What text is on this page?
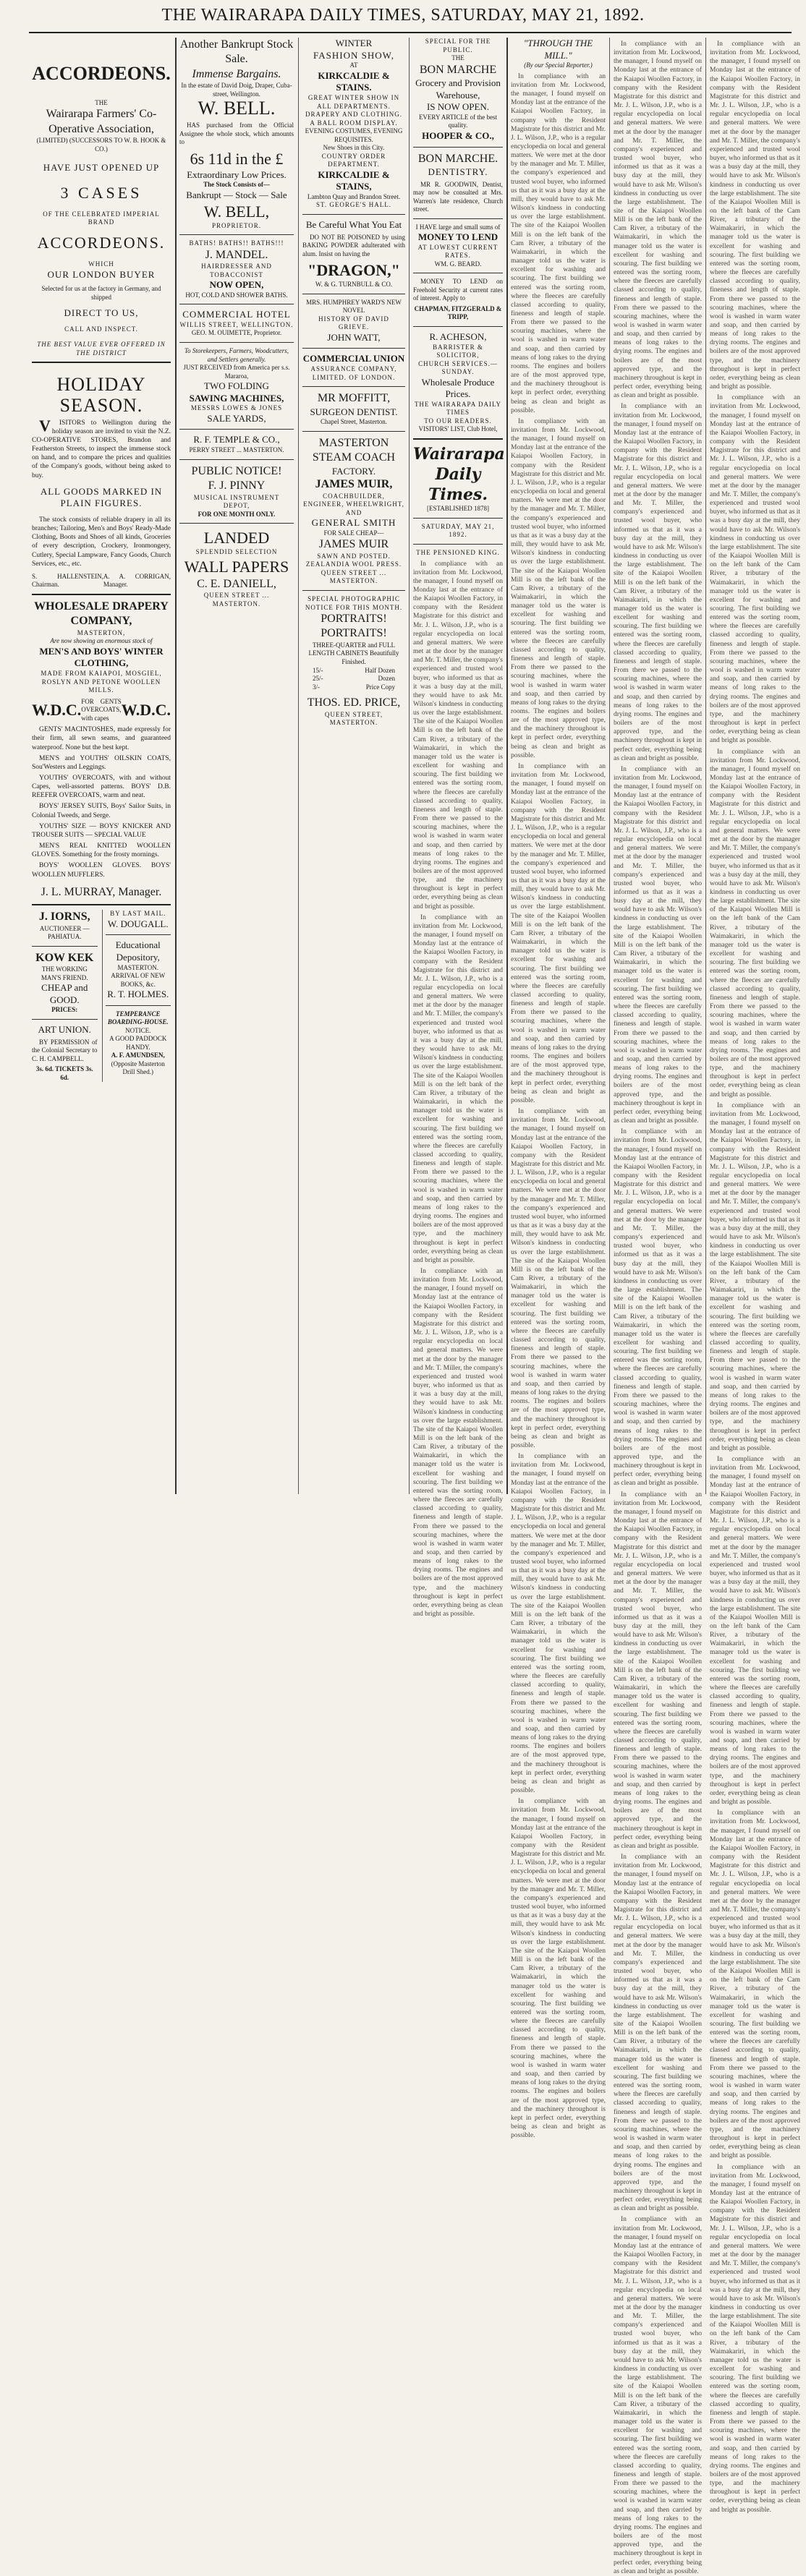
THE WAIRARAPA DAILY TIMES, SATURDAY, MAY 21, 1892.
ACCORDEONS.
THE
Wairarapa Farmers' Co-Operative Association,
(LIMITED) (SUCCESSORS TO W. B. HOOK & CO.)
HAVE JUST OPENED UP
3 CASES
OF THE CELEBRATED IMPERIAL BRAND
ACCORDEONS.
WHICH
OUR LONDON BUYER
Selected for us at the factory in Germany, and shipped
DIRECT TO US,
CALL AND INSPECT.
THE BEST VALUE EVER OFFERED IN THE DISTRICT
HOLIDAY SEASON.

VISITORS to Wellington during the holiday season are invited to visit the N.Z. CO-OPERATIVE STORES, Brandon and Featherston Streets, to inspect the immense stock on hand, and to compare the prices and qualities of the Company's goods, without being asked to buy.

ALL GOODS MARKED IN PLAIN FIGURES.

The stock consists of reliable drapery in all its branches; Tailoring, Men's and Boys' Ready-Made Clothing, Boots and Shoes of all kinds, Groceries of every description, Crockery, Ironmongery, Cutlery, Special Lampware, Fancy Goods, Church Services, etc., etc.

S. HALLENSTEIN, Chairman.
A. A. CORRIGAN, Manager.
WHOLESALE DRAPERY COMPANY,
MASTERTON,
Are now showing an enormous stock of
MEN'S AND BOYS' WINTER CLOTHING,
MADE FROM KAIAPOI, MOSGIEL, ROSLYN AND PETONE WOOLLEN MILLS.
W.D.C. FOR GENTS OVERCOATS, with capes W.D.C.

GENTS' MACINTOSHES, made expressly for their firm, all sewn seams, and guaranteed waterproof. None but the best kept.

MEN'S and YOUTHS' OILSKIN COATS, Sou'Westers and Leggings.

YOUTHS' OVERCOATS, with and without Capes, well-assorted patterns. BOYS' D.B. REEFER OVERCOATS, warm and neat.

BOYS' JERSEY SUITS, Boys' Sailor Suits, in Colonial Tweeds, and Serge.

YOUTHS' SIZE — BOYS' KNICKER AND TROUSER SUITS — SPECIAL VALUE

MEN'S REAL KNITTED WOOLLEN GLOVES. Something for the frosty mornings.

BOYS' WOOLLEN GLOVES. BOYS' WOOLLEN MUFFLERS.

J. L. MURRAY, Manager.
J. IORNS,
AUCTIONEER — PAHIATUA.
KOW KEK
THE WORKING MAN'S FRIEND.
CHEAP and GOOD.
PRICES:
ART UNION.

BY PERMISSION of the Colonial Secretary to C. H. CAMPBELL.

3s. 6d. TICKETS 3s. 6d.
BY LAST MAIL.
W. DOUGALL.
Educational Depository,
MASTERTON.
ARRIVAL OF NEW BOOKS, &c.
R. T. HOLMES.
TEMPERANCE BOARDING-HOUSE.
NOTICE.
A GOOD PADDOCK HANDY.
A. F. AMUNDSEN,
(Opposite Masterton Drill Shed.)
Another Bankrupt Stock Sale.
Immense Bargains.
In the estate of David Doig, Draper, Cuba-street, Wellington.
W. BELL.

HAS purchased from the Official Assignee the whole stock, which amounts to

6s 11d in the £
Extraordinary Low Prices.
The Stock Consists of—
Bankrupt — Stock — Sale
W. BELL,
PROPRIETOR.
BATHS! BATHS!! BATHS!!!
J. MANDEL.
HAIRDRESSER AND TOBACCONIST
NOW OPEN,
HOT, COLD AND SHOWER BATHS.
COMMERCIAL HOTEL
WILLIS STREET, WELLINGTON.
GEO. M. OUIMETTE, Proprietor.
To Storekeepers, Farmers, Woodcutters, and Settlers generally.
JUST RECEIVED from America per s.s. Mararoa,
TWO FOLDING
SAWING MACHINES,
MESSRS LOWES & JONES
SALE YARDS,
R. F. TEMPLE & CO.,
PERRY STREET ... MASTERTON.
PUBLIC NOTICE!
F. J. PINNY
MUSICAL INSTRUMENT DEPOT,
FOR ONE MONTH ONLY.
LANDED
SPLENDID SELECTION
WALL PAPERS
C. E. DANIELL,
QUEEN STREET ... MASTERTON.
WINTER
FASHION SHOW,
AT
KIRKCALDIE & STAINS.
GREAT WINTER SHOW IN ALL DEPARTMENTS.
DRAPERY AND CLOTHING.
A BALL ROOM DISPLAY.
EVENING COSTUMES, EVENING REQUISITES.
New Shoes in this City.
COUNTRY ORDER DEPARTMENT.
KIRKCALDIE & STAINS,
Lambton Quay and Brandon Street.
ST. GEORGE'S HALL.
Be Careful What You Eat

DO NOT BE POISONED by using BAKING POWDER adulterated with alum. Insist on having the

"DRAGON,"
W. & G. TURNBULL & CO.
MRS. HUMPHREY WARD'S NEW NOVEL
HISTORY OF DAVID GRIEVE.
JOHN WATT,
COMMERCIAL UNION
ASSURANCE COMPANY, LIMITED. OF LONDON.
MR MOFFITT,
SURGEON DENTIST.
Chapel Street, Masterton.
MASTERTON
STEAM COACH
FACTORY.
JAMES MUIR,
COACHBUILDER, ENGINEER, WHEELWRIGHT, AND
GENERAL SMITH
FOR SALE CHEAP—
JAMES MUIR
SAWN AND POSTED.
ZEALANDIA WOOL PRESS.
QUEEN STREET ... MASTERTON.
SPECIAL PHOTOGRAPHIC NOTICE FOR THIS MONTH.
PORTRAITS!
PORTRAITS!
THREE-QUARTER and FULL LENGTH CABINETS Beautifully Finished.
15/-	Half Dozen
25/-	Dozen
3/-	Price Copy
THOS. ED. PRICE,
QUEEN STREET, MASTERTON.
SPECIAL FOR THE PUBLIC.
THE
BON MARCHE
Grocery and Provision Warehouse,
IS NOW OPEN.
EVERY ARTICLE of the best quality.
HOOPER & CO.,
BON MARCHE.
DENTISTRY.

MR R. GOODWIN, Dentist, may now be consulted at Mrs. Warren's late residence, Church street.

I HAVE large and small sums of
MONEY TO LEND
AT LOWEST CURRENT RATES.
WM. G. BEARD.

MONEY TO LEND on Freehold Security at current rates of interest. Apply to

CHAPMAN, FITZGERALD & TRIPP,
R. ACHESON,
BARRISTER & SOLICITOR,
CHURCH SERVICES.—SUNDAY.
Wholesale Produce Prices.
THE WAIRARAPA DAILY TIMES
TO OUR READERS.
VISITORS' LIST, Club Hotel,
Wairarapa Daily Times.
[ESTABLISHED 1878]
SATURDAY, MAY 21, 1892.
THE PENSIONED KING.

In compliance with an invitation from Mr. Lockwood, the manager, I found myself on Monday last at the entrance of the Kaiapoi Woollen Factory, in company with the Resident Magistrate for this district and Mr. J. L. Wilson, J.P., who is a regular encyclopedia on local and general matters. We were met at the door by the manager and Mr. T. Miller, the company's experienced and trusted wool buyer, who informed us that as it was a busy day at the mill, they would have to ask Mr. Wilson's kindness in conducting us over the large establishment. The site of the Kaiapoi Woollen Mill is on the left bank of the Cam River, a tributary of the Waimakariri, in which the manager told us the water is excellent for washing and scouring. The first building we entered was the sorting room, where the fleeces are carefully classed according to quality, fineness and length of staple. From there we passed to the scouring machines, where the wool is washed in warm water and soap, and then carried by means of long rakes to the drying rooms. The engines and boilers are of the most approved type, and the machinery throughout is kept in perfect order, everything being as clean and bright as possible.

In compliance with an invitation from Mr. Lockwood, the manager, I found myself on Monday last at the entrance of the Kaiapoi Woollen Factory, in company with the Resident Magistrate for this district and Mr. J. L. Wilson, J.P., who is a regular encyclopedia on local and general matters. We were met at the door by the manager and Mr. T. Miller, the company's experienced and trusted wool buyer, who informed us that as it was a busy day at the mill, they would have to ask Mr. Wilson's kindness in conducting us over the large establishment. The site of the Kaiapoi Woollen Mill is on the left bank of the Cam River, a tributary of the Waimakariri, in which the manager told us the water is excellent for washing and scouring. The first building we entered was the sorting room, where the fleeces are carefully classed according to quality, fineness and length of staple. From there we passed to the scouring machines, where the wool is washed in warm water and soap, and then carried by means of long rakes to the drying rooms. The engines and boilers are of the most approved type, and the machinery throughout is kept in perfect order, everything being as clean and bright as possible.

In compliance with an invitation from Mr. Lockwood, the manager, I found myself on Monday last at the entrance of the Kaiapoi Woollen Factory, in company with the Resident Magistrate for this district and Mr. J. L. Wilson, J.P., who is a regular encyclopedia on local and general matters. We were met at the door by the manager and Mr. T. Miller, the company's experienced and trusted wool buyer, who informed us that as it was a busy day at the mill, they would have to ask Mr. Wilson's kindness in conducting us over the large establishment. The site of the Kaiapoi Woollen Mill is on the left bank of the Cam River, a tributary of the Waimakariri, in which the manager told us the water is excellent for washing and scouring. The first building we entered was the sorting room, where the fleeces are carefully classed according to quality, fineness and length of staple. From there we passed to the scouring machines, where the wool is washed in warm water and soap, and then carried by means of long rakes to the drying rooms. The engines and boilers are of the most approved type, and the machinery throughout is kept in perfect order, everything being as clean and bright as possible.

"THROUGH THE MILL."
(By our Special Reporter.)

In compliance with an invitation from Mr. Lockwood, the manager, I found myself on Monday last at the entrance of the Kaiapoi Woollen Factory, in company with the Resident Magistrate for this district and Mr. J. L. Wilson, J.P., who is a regular encyclopedia on local and general matters. We were met at the door by the manager and Mr. T. Miller, the company's experienced and trusted wool buyer, who informed us that as it was a busy day at the mill, they would have to ask Mr. Wilson's kindness in conducting us over the large establishment. The site of the Kaiapoi Woollen Mill is on the left bank of the Cam River, a tributary of the Waimakariri, in which the manager told us the water is excellent for washing and scouring. The first building we entered was the sorting room, where the fleeces are carefully classed according to quality, fineness and length of staple. From there we passed to the scouring machines, where the wool is washed in warm water and soap, and then carried by means of long rakes to the drying rooms. The engines and boilers are of the most approved type, and the machinery throughout is kept in perfect order, everything being as clean and bright as possible.

In compliance with an invitation from Mr. Lockwood, the manager, I found myself on Monday last at the entrance of the Kaiapoi Woollen Factory, in company with the Resident Magistrate for this district and Mr. J. L. Wilson, J.P., who is a regular encyclopedia on local and general matters. We were met at the door by the manager and Mr. T. Miller, the company's experienced and trusted wool buyer, who informed us that as it was a busy day at the mill, they would have to ask Mr. Wilson's kindness in conducting us over the large establishment. The site of the Kaiapoi Woollen Mill is on the left bank of the Cam River, a tributary of the Waimakariri, in which the manager told us the water is excellent for washing and scouring. The first building we entered was the sorting room, where the fleeces are carefully classed according to quality, fineness and length of staple. From there we passed to the scouring machines, where the wool is washed in warm water and soap, and then carried by means of long rakes to the drying rooms. The engines and boilers are of the most approved type, and the machinery throughout is kept in perfect order, everything being as clean and bright as possible.

In compliance with an invitation from Mr. Lockwood, the manager, I found myself on Monday last at the entrance of the Kaiapoi Woollen Factory, in company with the Resident Magistrate for this district and Mr. J. L. Wilson, J.P., who is a regular encyclopedia on local and general matters. We were met at the door by the manager and Mr. T. Miller, the company's experienced and trusted wool buyer, who informed us that as it was a busy day at the mill, they would have to ask Mr. Wilson's kindness in conducting us over the large establishment. The site of the Kaiapoi Woollen Mill is on the left bank of the Cam River, a tributary of the Waimakariri, in which the manager told us the water is excellent for washing and scouring. The first building we entered was the sorting room, where the fleeces are carefully classed according to quality, fineness and length of staple. From there we passed to the scouring machines, where the wool is washed in warm water and soap, and then carried by means of long rakes to the drying rooms. The engines and boilers are of the most approved type, and the machinery throughout is kept in perfect order, everything being as clean and bright as possible.

In compliance with an invitation from Mr. Lockwood, the manager, I found myself on Monday last at the entrance of the Kaiapoi Woollen Factory, in company with the Resident Magistrate for this district and Mr. J. L. Wilson, J.P., who is a regular encyclopedia on local and general matters. We were met at the door by the manager and Mr. T. Miller, the company's experienced and trusted wool buyer, who informed us that as it was a busy day at the mill, they would have to ask Mr. Wilson's kindness in conducting us over the large establishment. The site of the Kaiapoi Woollen Mill is on the left bank of the Cam River, a tributary of the Waimakariri, in which the manager told us the water is excellent for washing and scouring. The first building we entered was the sorting room, where the fleeces are carefully classed according to quality, fineness and length of staple. From there we passed to the scouring machines, where the wool is washed in warm water and soap, and then carried by means of long rakes to the drying rooms. The engines and boilers are of the most approved type, and the machinery throughout is kept in perfect order, everything being as clean and bright as possible.

In compliance with an invitation from Mr. Lockwood, the manager, I found myself on Monday last at the entrance of the Kaiapoi Woollen Factory, in company with the Resident Magistrate for this district and Mr. J. L. Wilson, J.P., who is a regular encyclopedia on local and general matters. We were met at the door by the manager and Mr. T. Miller, the company's experienced and trusted wool buyer, who informed us that as it was a busy day at the mill, they would have to ask Mr. Wilson's kindness in conducting us over the large establishment. The site of the Kaiapoi Woollen Mill is on the left bank of the Cam River, a tributary of the Waimakariri, in which the manager told us the water is excellent for washing and scouring. The first building we entered was the sorting room, where the fleeces are carefully classed according to quality, fineness and length of staple. From there we passed to the scouring machines, where the wool is washed in warm water and soap, and then carried by means of long rakes to the drying rooms. The engines and boilers are of the most approved type, and the machinery throughout is kept in perfect order, everything being as clean and bright as possible.

In compliance with an invitation from Mr. Lockwood, the manager, I found myself on Monday last at the entrance of the Kaiapoi Woollen Factory, in company with the Resident Magistrate for this district and Mr. J. L. Wilson, J.P., who is a regular encyclopedia on local and general matters. We were met at the door by the manager and Mr. T. Miller, the company's experienced and trusted wool buyer, who informed us that as it was a busy day at the mill, they would have to ask Mr. Wilson's kindness in conducting us over the large establishment. The site of the Kaiapoi Woollen Mill is on the left bank of the Cam River, a tributary of the Waimakariri, in which the manager told us the water is excellent for washing and scouring. The first building we entered was the sorting room, where the fleeces are carefully classed according to quality, fineness and length of staple. From there we passed to the scouring machines, where the wool is washed in warm water and soap, and then carried by means of long rakes to the drying rooms. The engines and boilers are of the most approved type, and the machinery throughout is kept in perfect order, everything being as clean and bright as possible.

In compliance with an invitation from Mr. Lockwood, the manager, I found myself on Monday last at the entrance of the Kaiapoi Woollen Factory, in company with the Resident Magistrate for this district and Mr. J. L. Wilson, J.P., who is a regular encyclopedia on local and general matters. We were met at the door by the manager and Mr. T. Miller, the company's experienced and trusted wool buyer, who informed us that as it was a busy day at the mill, they would have to ask Mr. Wilson's kindness in conducting us over the large establishment. The site of the Kaiapoi Woollen Mill is on the left bank of the Cam River, a tributary of the Waimakariri, in which the manager told us the water is excellent for washing and scouring. The first building we entered was the sorting room, where the fleeces are carefully classed according to quality, fineness and length of staple. From there we passed to the scouring machines, where the wool is washed in warm water and soap, and then carried by means of long rakes to the drying rooms. The engines and boilers are of the most approved type, and the machinery throughout is kept in perfect order, everything being as clean and bright as possible.

In compliance with an invitation from Mr. Lockwood, the manager, I found myself on Monday last at the entrance of the Kaiapoi Woollen Factory, in company with the Resident Magistrate for this district and Mr. J. L. Wilson, J.P., who is a regular encyclopedia on local and general matters. We were met at the door by the manager and Mr. T. Miller, the company's experienced and trusted wool buyer, who informed us that as it was a busy day at the mill, they would have to ask Mr. Wilson's kindness in conducting us over the large establishment. The site of the Kaiapoi Woollen Mill is on the left bank of the Cam River, a tributary of the Waimakariri, in which the manager told us the water is excellent for washing and scouring. The first building we entered was the sorting room, where the fleeces are carefully classed according to quality, fineness and length of staple. From there we passed to the scouring machines, where the wool is washed in warm water and soap, and then carried by means of long rakes to the drying rooms. The engines and boilers are of the most approved type, and the machinery throughout is kept in perfect order, everything being as clean and bright as possible.

In compliance with an invitation from Mr. Lockwood, the manager, I found myself on Monday last at the entrance of the Kaiapoi Woollen Factory, in company with the Resident Magistrate for this district and Mr. J. L. Wilson, J.P., who is a regular encyclopedia on local and general matters. We were met at the door by the manager and Mr. T. Miller, the company's experienced and trusted wool buyer, who informed us that as it was a busy day at the mill, they would have to ask Mr. Wilson's kindness in conducting us over the large establishment. The site of the Kaiapoi Woollen Mill is on the left bank of the Cam River, a tributary of the Waimakariri, in which the manager told us the water is excellent for washing and scouring. The first building we entered was the sorting room, where the fleeces are carefully classed according to quality, fineness and length of staple. From there we passed to the scouring machines, where the wool is washed in warm water and soap, and then carried by means of long rakes to the drying rooms. The engines and boilers are of the most approved type, and the machinery throughout is kept in perfect order, everything being as clean and bright as possible.

In compliance with an invitation from Mr. Lockwood, the manager, I found myself on Monday last at the entrance of the Kaiapoi Woollen Factory, in company with the Resident Magistrate for this district and Mr. J. L. Wilson, J.P., who is a regular encyclopedia on local and general matters. We were met at the door by the manager and Mr. T. Miller, the company's experienced and trusted wool buyer, who informed us that as it was a busy day at the mill, they would have to ask Mr. Wilson's kindness in conducting us over the large establishment. The site of the Kaiapoi Woollen Mill is on the left bank of the Cam River, a tributary of the Waimakariri, in which the manager told us the water is excellent for washing and scouring. The first building we entered was the sorting room, where the fleeces are carefully classed according to quality, fineness and length of staple. From there we passed to the scouring machines, where the wool is washed in warm water and soap, and then carried by means of long rakes to the drying rooms. The engines and boilers are of the most approved type, and the machinery throughout is kept in perfect order, everything being as clean and bright as possible.

In compliance with an invitation from Mr. Lockwood, the manager, I found myself on Monday last at the entrance of the Kaiapoi Woollen Factory, in company with the Resident Magistrate for this district and Mr. J. L. Wilson, J.P., who is a regular encyclopedia on local and general matters. We were met at the door by the manager and Mr. T. Miller, the company's experienced and trusted wool buyer, who informed us that as it was a busy day at the mill, they would have to ask Mr. Wilson's kindness in conducting us over the large establishment. The site of the Kaiapoi Woollen Mill is on the left bank of the Cam River, a tributary of the Waimakariri, in which the manager told us the water is excellent for washing and scouring. The first building we entered was the sorting room, where the fleeces are carefully classed according to quality, fineness and length of staple. From there we passed to the scouring machines, where the wool is washed in warm water and soap, and then carried by means of long rakes to the drying rooms. The engines and boilers are of the most approved type, and the machinery throughout is kept in perfect order, everything being as clean and bright as possible.

In compliance with an invitation from Mr. Lockwood, the manager, I found myself on Monday last at the entrance of the Kaiapoi Woollen Factory, in company with the Resident Magistrate for this district and Mr. J. L. Wilson, J.P., who is a regular encyclopedia on local and general matters. We were met at the door by the manager and Mr. T. Miller, the company's experienced and trusted wool buyer, who informed us that as it was a busy day at the mill, they would have to ask Mr. Wilson's kindness in conducting us over the large establishment. The site of the Kaiapoi Woollen Mill is on the left bank of the Cam River, a tributary of the Waimakariri, in which the manager told us the water is excellent for washing and scouring. The first building we entered was the sorting room, where the fleeces are carefully classed according to quality, fineness and length of staple. From there we passed to the scouring machines, where the wool is washed in warm water and soap, and then carried by means of long rakes to the drying rooms. The engines and boilers are of the most approved type, and the machinery throughout is kept in perfect order, everything being as clean and bright as possible.

In compliance with an invitation from Mr. Lockwood, the manager, I found myself on Monday last at the entrance of the Kaiapoi Woollen Factory, in company with the Resident Magistrate for this district and Mr. J. L. Wilson, J.P., who is a regular encyclopedia on local and general matters. We were met at the door by the manager and Mr. T. Miller, the company's experienced and trusted wool buyer, who informed us that as it was a busy day at the mill, they would have to ask Mr. Wilson's kindness in conducting us over the large establishment. The site of the Kaiapoi Woollen Mill is on the left bank of the Cam River, a tributary of the Waimakariri, in which the manager told us the water is excellent for washing and scouring. The first building we entered was the sorting room, where the fleeces are carefully classed according to quality, fineness and length of staple. From there we passed to the scouring machines, where the wool is washed in warm water and soap, and then carried by means of long rakes to the drying rooms. The engines and boilers are of the most approved type, and the machinery throughout is kept in perfect order, everything being as clean and bright as possible.

In compliance with an invitation from Mr. Lockwood, the manager, I found myself on Monday last at the entrance of the Kaiapoi Woollen Factory, in company with the Resident Magistrate for this district and Mr. J. L. Wilson, J.P., who is a regular encyclopedia on local and general matters. We were met at the door by the manager and Mr. T. Miller, the company's experienced and trusted wool buyer, who informed us that as it was a busy day at the mill, they would have to ask Mr. Wilson's kindness in conducting us over the large establishment. The site of the Kaiapoi Woollen Mill is on the left bank of the Cam River, a tributary of the Waimakariri, in which the manager told us the water is excellent for washing and scouring. The first building we entered was the sorting room, where the fleeces are carefully classed according to quality, fineness and length of staple. From there we passed to the scouring machines, where the wool is washed in warm water and soap, and then carried by means of long rakes to the drying rooms. The engines and boilers are of the most approved type, and the machinery throughout is kept in perfect order, everything being as clean and bright as possible.

In compliance with an invitation from Mr. Lockwood, the manager, I found myself on Monday last at the entrance of the Kaiapoi Woollen Factory, in company with the Resident Magistrate for this district and Mr. J. L. Wilson, J.P., who is a regular encyclopedia on local and general matters. We were met at the door by the manager and Mr. T. Miller, the company's experienced and trusted wool buyer, who informed us that as it was a busy day at the mill, they would have to ask Mr. Wilson's kindness in conducting us over the large establishment. The site of the Kaiapoi Woollen Mill is on the left bank of the Cam River, a tributary of the Waimakariri, in which the manager told us the water is excellent for washing and scouring. The first building we entered was the sorting room, where the fleeces are carefully classed according to quality, fineness and length of staple. From there we passed to the scouring machines, where the wool is washed in warm water and soap, and then carried by means of long rakes to the drying rooms. The engines and boilers are of the most approved type, and the machinery throughout is kept in perfect order, everything being as clean and bright as possible.

In compliance with an invitation from Mr. Lockwood, the manager, I found myself on Monday last at the entrance of the Kaiapoi Woollen Factory, in company with the Resident Magistrate for this district and Mr. J. L. Wilson, J.P., who is a regular encyclopedia on local and general matters. We were met at the door by the manager and Mr. T. Miller, the company's experienced and trusted wool buyer, who informed us that as it was a busy day at the mill, they would have to ask Mr. Wilson's kindness in conducting us over the large establishment. The site of the Kaiapoi Woollen Mill is on the left bank of the Cam River, a tributary of the Waimakariri, in which the manager told us the water is excellent for washing and scouring. The first building we entered was the sorting room, where the fleeces are carefully classed according to quality, fineness and length of staple. From there we passed to the scouring machines, where the wool is washed in warm water and soap, and then carried by means of long rakes to the drying rooms. The engines and boilers are of the most approved type, and the machinery throughout is kept in perfect order, everything being as clean and bright as possible.

In compliance with an invitation from Mr. Lockwood, the manager, I found myself on Monday last at the entrance of the Kaiapoi Woollen Factory, in company with the Resident Magistrate for this district and Mr. J. L. Wilson, J.P., who is a regular encyclopedia on local and general matters. We were met at the door by the manager and Mr. T. Miller, the company's experienced and trusted wool buyer, who informed us that as it was a busy day at the mill, they would have to ask Mr. Wilson's kindness in conducting us over the large establishment. The site of the Kaiapoi Woollen Mill is on the left bank of the Cam River, a tributary of the Waimakariri, in which the manager told us the water is excellent for washing and scouring. The first building we entered was the sorting room, where the fleeces are carefully classed according to quality, fineness and length of staple. From there we passed to the scouring machines, where the wool is washed in warm water and soap, and then carried by means of long rakes to the drying rooms. The engines and boilers are of the most approved type, and the machinery throughout is kept in perfect order, everything being as clean and bright as possible.

In compliance with an invitation from Mr. Lockwood, the manager, I found myself on Monday last at the entrance of the Kaiapoi Woollen Factory, in company with the Resident Magistrate for this district and Mr. J. L. Wilson, J.P., who is a regular encyclopedia on local and general matters. We were met at the door by the manager and Mr. T. Miller, the company's experienced and trusted wool buyer, who informed us that as it was a busy day at the mill, they would have to ask Mr. Wilson's kindness in conducting us over the large establishment. The site of the Kaiapoi Woollen Mill is on the left bank of the Cam River, a tributary of the Waimakariri, in which the manager told us the water is excellent for washing and scouring. The first building we entered was the sorting room, where the fleeces are carefully classed according to quality, fineness and length of staple. From there we passed to the scouring machines, where the wool is washed in warm water and soap, and then carried by means of long rakes to the drying rooms. The engines and boilers are of the most approved type, and the machinery throughout is kept in perfect order, everything being as clean and bright as possible.

In compliance with an invitation from Mr. Lockwood, the manager, I found myself on Monday last at the entrance of the Kaiapoi Woollen Factory, in company with the Resident Magistrate for this district and Mr. J. L. Wilson, J.P., who is a regular encyclopedia on local and general matters. We were met at the door by the manager and Mr. T. Miller, the company's experienced and trusted wool buyer, who informed us that as it was a busy day at the mill, they would have to ask Mr. Wilson's kindness in conducting us over the large establishment. The site of the Kaiapoi Woollen Mill is on the left bank of the Cam River, a tributary of the Waimakariri, in which the manager told us the water is excellent for washing and scouring. The first building we entered was the sorting room, where the fleeces are carefully classed according to quality, fineness and length of staple. From there we passed to the scouring machines, where the wool is washed in warm water and soap, and then carried by means of long rakes to the drying rooms. The engines and boilers are of the most approved type, and the machinery throughout is kept in perfect order, everything being as clean and bright as possible.

In compliance with an invitation from Mr. Lockwood, the manager, I found myself on Monday last at the entrance of the Kaiapoi Woollen Factory, in company with the Resident Magistrate for this district and Mr. J. L. Wilson, J.P., who is a regular encyclopedia on local and general matters. We were met at the door by the manager and Mr. T. Miller, the company's experienced and trusted wool buyer, who informed us that as it was a busy day at the mill, they would have to ask Mr. Wilson's kindness in conducting us over the large establishment. The site of the Kaiapoi Woollen Mill is on the left bank of the Cam River, a tributary of the Waimakariri, in which the manager told us the water is excellent for washing and scouring. The first building we entered was the sorting room, where the fleeces are carefully classed according to quality, fineness and length of staple. From there we passed to the scouring machines, where the wool is washed in warm water and soap, and then carried by means of long rakes to the drying rooms. The engines and boilers are of the most approved type, and the machinery throughout is kept in perfect order, everything being as clean and bright as possible.
